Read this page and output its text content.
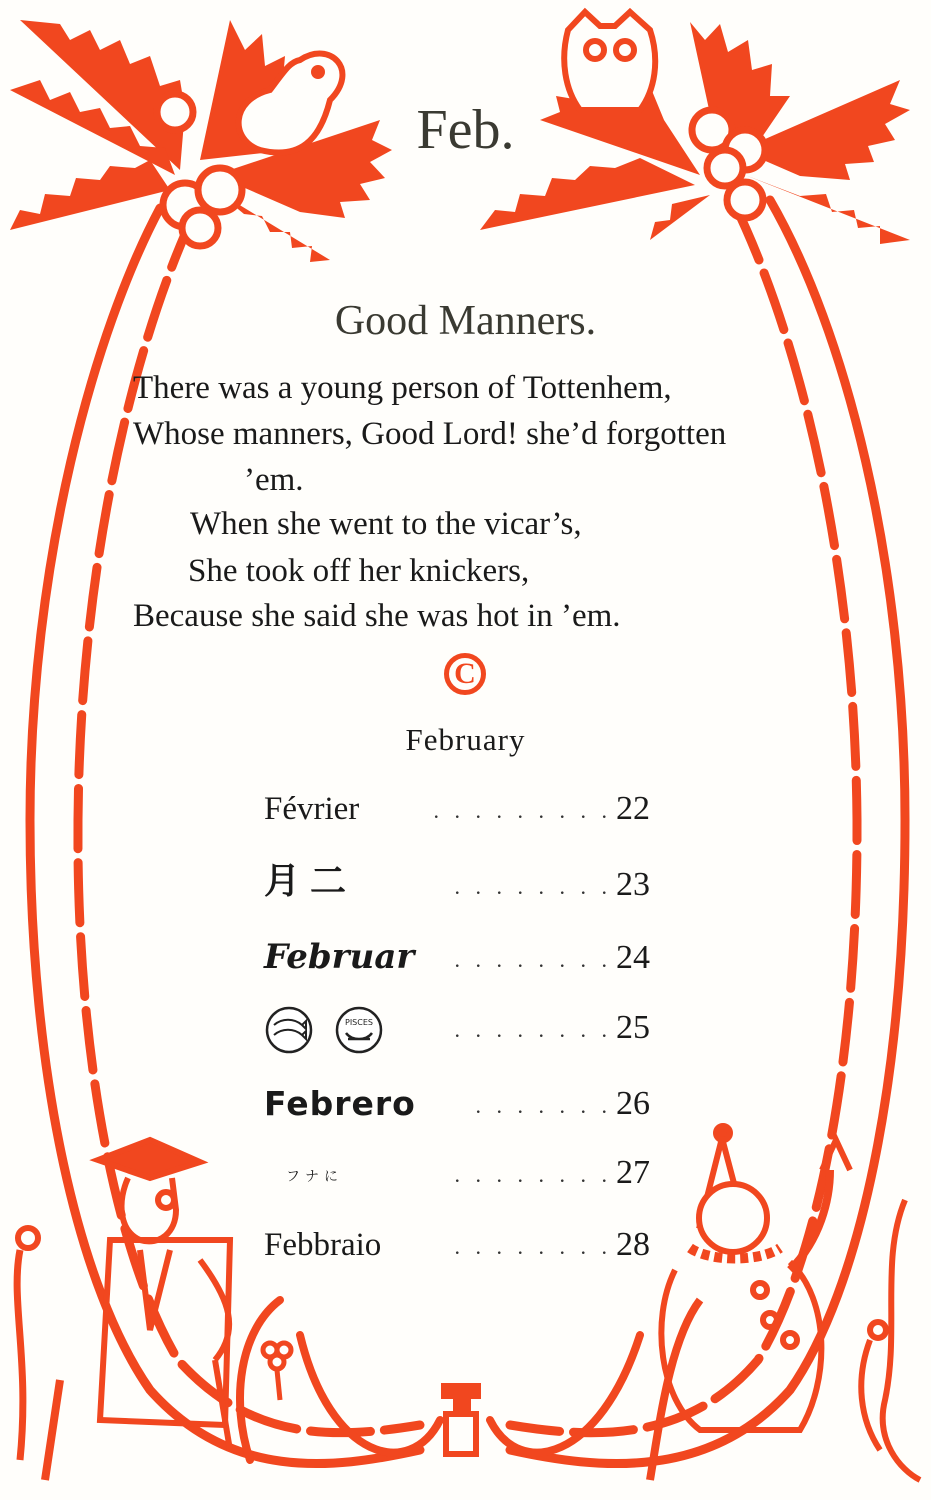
Feb.
Good Manners.
There was a young person of Tottenhem,
Whose manners, Good Lord! she’d forgotten
’em.
When she went to the vicar’s,
She took off her knickers,
Because she said she was hot in ’em.
C
February
Février	. . . . . . . . . 22
月二	. . . . . . . . 23
Februar . . . . . . . . 24
PISCES	. . . . . . . . 25
Febrero	. . . . . . . 26
フナに	. . . . . . . . 27
Febbraio	. . . . . . . . 28
